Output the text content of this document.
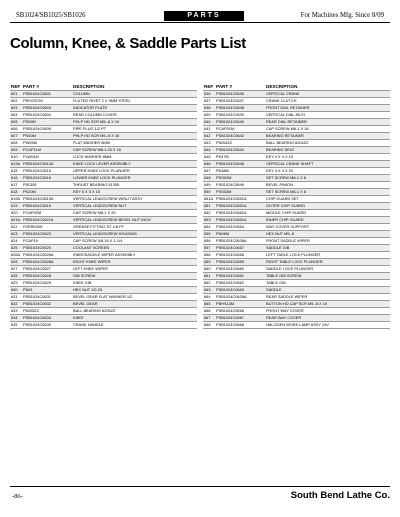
SB1024/SB1025/SB1026	PARTS	For Machines Mfg. Since 8/09
Column, Knee, & Saddle Parts List
REF	PART #	DESCRIPTION
601	PSB1024C0601	COLUMN
602	PRIVO07M	FLUTED RIVET 2 X 5MM STEEL
603	PSB1024C0603	INDICATOR PLATE
604	PSB1024C0604	REAR COLUMN COVER
605	PS09M	PHLP HD SCR M5-.8 X 10
606	PSB1024C0606	PIPE PLUG 1/2 PT
607	PS40M	PHLP HD SCR M5-.8 X 16
608	PW03M	FLAT WASHER 6MM
609	PCAP11M	CAP SCREW M8-1.25 X 16
610	PLW04M	LOCK WASHER 8MM
613A	PSB1024C0613A	KNEE LOCK LEVER ASSEMBLY
615	PSB1024C0615	UPPER KNEE LOCK PLUNGER
616	PSB1024C0616	LOWER KNEE LOCK PLUNGER
617	P51305	THRUST BEARING 51305
618	PK20M	KEY 5 X 5 X 15
619A	PSB1024C0619A	VERTICAL LEADSCREW W/NUT ASSY
619	PSB1024C0619	VERTICAL LEADSCREW NUT
620	PCAP02M	CAP SCREW M6-1 X 20
621A	PSB1024C0621A	VERTICAL LEADSCREW BEVEL NUT INCH
622	PZERK005	GREASE FITTING ST 1/8 PT
623	PSB1024C0623	VERTICAL LEADSCREW HOUSING
624	PCAP19	CAP SCREW 3/8-16 X 1-1/4
625	PSB1024C0625	COOLANT SCREEN
626A	PSB1024C0626A	KNEE/SADDLE WIPER ASSEMBLY
626	PSB1024C0626A	RIGHT KNEE WIPER
627	PSB1024C0627	LEFT KNEE WIPER
628	PSB1024C0628	GIB SCREW
629	PSB1024C0629	KNEE GIB
630	PN01	HEX NUT 1/2-20
631	PSB1024C0631	BEVEL GEAR FLAT WASHER 1/2
632	PSB1024C0632	BEVEL GEAR
633	P6205ZZ	BALL BEARING 6205ZZ
634	PSB1024C0634	KNEE
635	PSB1024C0635	CRANK HANDLE
REF	PART #	DESCRIPTION
636	PSB1024C0636	VERTICAL CRANK
637	PSB1024C0637	CRANK CLUTCH
638	PSB1024C0638	FRONT DIAL RETAINER
639	PSB1024C0639	VERTICAL DIAL INCH
640	PSB1024C0640	REAR DIAL RETAINER
641	PCAP01M	CAP SCREW M6-1 X 16
642	PSB1024C0642	BEARING RETAINER
643	P6204ZZ	BALL BEARING 6204ZZ
644	PSB1024C0644	BEARING SEAT
645	PK47M	KEY 4 X 4 X 15
646	PSB1024C0646	VERTICAL CRANK SHAFT
647	PK48M	KEY 4 X 4 X 20
648	PSS02M	SET SCREW M6-1 X 6
649	PSB1024C0649	BEVEL PINION
650	PSS03M	SET SCREW M6-1 X 8
651A	PSB1024C0651A	CHIP GUARD SET
651	PSB1024C0651A	OUTER CHIP GUARD
652	PSB1024C0651A	MIDDLE CHIP GUARD
653	PSB1024C0651A	INNER CHIP GUARD
654	PSB1024C0654	WAY COVER SUPPORT
655	PN06M	HEX NUT M5-.8
656	PSB1024C0626A	FRONT SADDLE WIPER
657	PSB1024C0657	SADDLE GIB
658	PSB1024C0658	LEFT TABLE LOCK PLUNGER
659	PSB1024C0659	RIGHT TABLE LOCK PLUNGER
660	PSB1024C0660	SADDLE LOCK PLUNGER
661	PSB1024C0661	TABLE GIB SCREW
662	PSB1024C0662	TABLE GIB
663	PSB1024C0663	SADDLE
664	PSB1024C0626A	REAR SADDLE WIPER
665	PBHS13M	BUTTON HD CAP SCR M5-.8 X 15
666	PSB1024C0666	FRONT WAY COVER
667	PSB1024C0667	REAR WAY COVER
668	PSB1024C0668	HALOGEN WORK LAMP ASSY 24V
-86-	South Bend Lathe Co.
